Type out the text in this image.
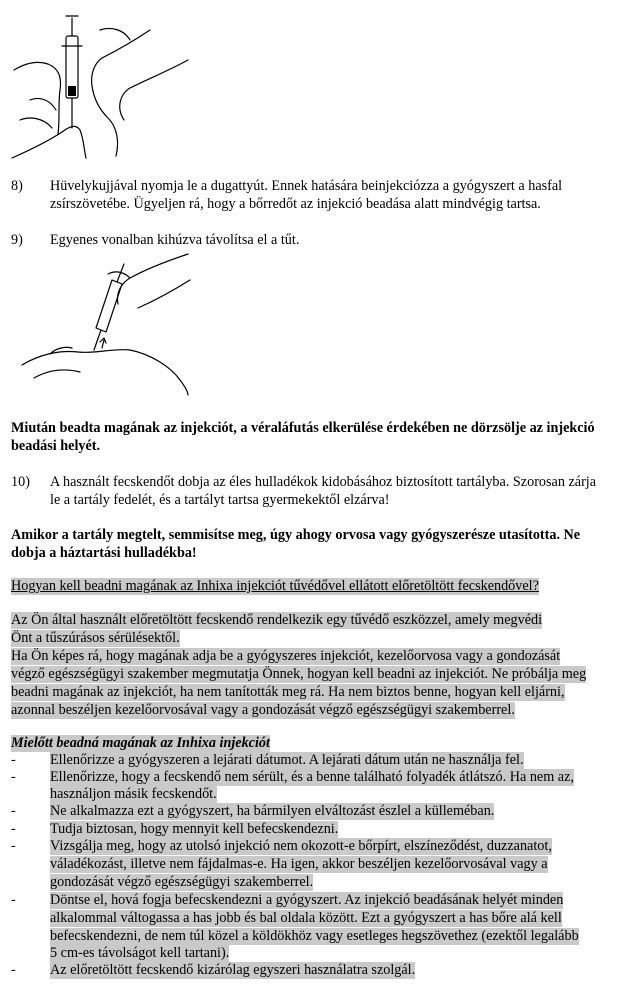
8) Hüvelykujjával nyomja le a dugattyút. Ennek hatására beinjekciózza a gyógyszert a hasfal
zsírszövetébe. Ügyeljen rá, hogy a bőrredőt az injekció beadása alatt mindvégig tartsa.
9) Egyenes vonalban kihúzva távolítsa el a tűt.
Miután beadta magának az injekciót, a véraláfutás elkerülése érdekében ne dörzsölje az injekció
beadási helyét.
10) A használt fecskendőt dobja az éles hulladékok kidobásához biztosított tartályba. Szorosan zárja
le a tartály fedelét, és a tartályt tartsa gyermekektől elzárva!
Amikor a tartály megtelt, semmisítse meg, úgy ahogy orvosa vagy gyógyszerésze utasította. Ne
dobja a háztartási hulladékba!
Hogyan kell beadni magának az Inhixa injekciót tűvédővel ellátott előretöltött fecskendővel?
Az Ön által használt előretöltött fecskendő rendelkezik egy tűvédő eszközzel, amely megvédi
Önt a tűszúrásos sérülésektől.
Ha Ön képes rá, hogy magának adja be a gyógyszeres injekciót, kezelőorvosa vagy a gondozását
végző egészségügyi szakember megmutatja Önnek, hogyan kell beadni az injekciót. Ne próbálja meg
beadni magának az injekciót, ha nem tanították meg rá. Ha nem biztos benne, hogyan kell eljárni,
azonnal beszéljen kezelőorvosával vagy a gondozását végző egészségügyi szakemberrel.
Mielőtt beadná magának az Inhixa injekciót
- Ellenőrizze a gyógyszeren a lejárati dátumot. A lejárati dátum után ne használja fel.
- Ellenőrizze, hogy a fecskendő nem sérült, és a benne található folyadék átlátszó. Ha nem az,
használjon másik fecskendőt.
- Ne alkalmazza ezt a gyógyszert, ha bármilyen elváltozást észlel a külleméban.
- Tudja biztosan, hogy mennyit kell befecskendezni.
- Vizsgálja meg, hogy az utolsó injekció nem okozott-e bőrpírt, elszíneződést, duzzanatot,
váladékozást, illetve nem fájdalmas-e. Ha igen, akkor beszéljen kezelőorvosával vagy a
gondozását végző egészségügyi szakemberrel.
- Döntse el, hová fogja befecskendezni a gyógyszert. Az injekció beadásának helyét minden
alkalommal váltogassa a has jobb és bal oldala között. Ezt a gyógyszert a has bőre alá kell
befecskendezni, de nem túl közel a köldökhöz vagy esetleges hegszövethez (ezektől legalább
5 cm-es távolságot kell tartani).
- Az előretöltött fecskendő kizárólag egyszeri használatra szolgál.
